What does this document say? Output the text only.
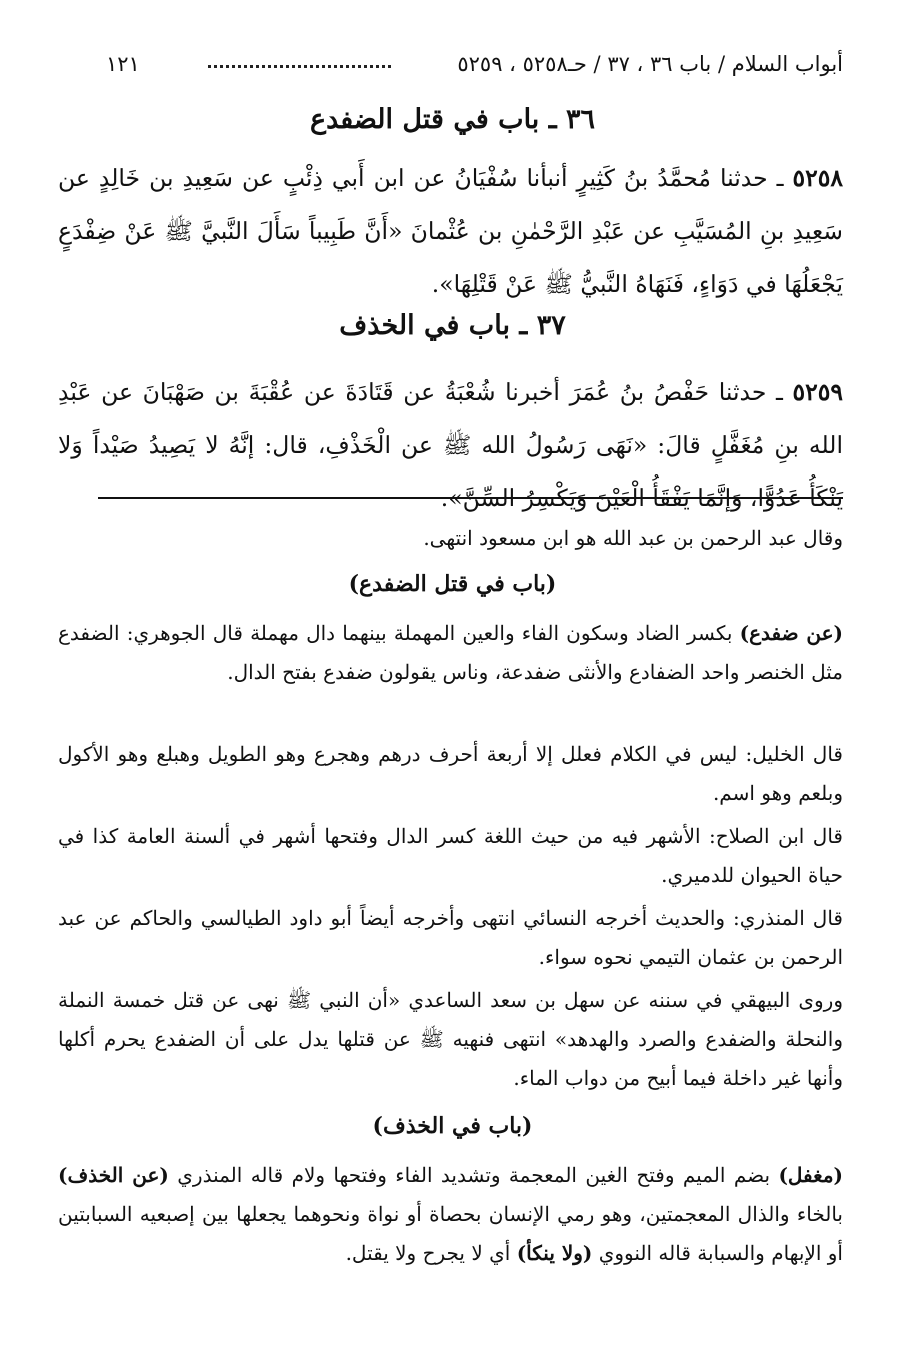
أبواب السلام / باب ٣٦ ، ٣٧ / حـ٥٢٥٨ ، ٥٢٥٩
١٢١
٣٦ ـ باب في قتل الضفدع
٥٢٥٨ ـ حدثنا مُحمَّدُ بنُ كَثِيرٍ أنبأنا سُفْيَانُ عن ابن أَبي ذِئْبٍ عن سَعِيدِ بن خَالِدٍ عن سَعِيدِ بنِ المُسَيَّبِ عن عَبْدِ الرَّحْمٰنِ بن عُثْمانَ «أَنَّ طَبِيباً سَأَلَ النَّبيَّ ﷺ عَنْ ضِفْدَعٍ يَجْعَلُهَا في دَوَاءٍ، فَنَهَاهُ النَّبيُّ ﷺ عَنْ قَتْلِهَا».
٣٧ ـ باب في الخذف
٥٢٥٩ ـ حدثنا حَفْصُ بنُ عُمَرَ أخبرنا شُعْبَةُ عن قَتَادَةَ عن عُقْبَةَ بن صَهْبَانَ عن عَبْدِ الله بنِ مُغَفَّلٍ قالَ: «نَهَى رَسُولُ الله ﷺ عن الْخَذْفِ، قال: إنَّهُ لا يَصِيدُ صَيْداً وَلا يَنْكَأُ عَدُوًّا، وَإنَّمَا يَفْقَأُ الْعَيْنَ وَيَكْسِرُ السِّنَّ».

وقال عبد الرحمن بن عبد الله هو ابن مسعود انتهى.

(باب في قتل الضفدع)

(عن ضفدع) بكسر الضاد وسكون الفاء والعين المهملة بينهما دال مهملة قال الجوهري: الضفدع مثل الخنصر واحد الضفادع والأنثى ضفدعة، وناس يقولون ضفدع بفتح الدال.

قال الخليل: ليس في الكلام فعلل إلا أربعة أحرف درهم وهجرع وهو الطويل وهبلع وهو الأكول وبلعم وهو اسم.

قال ابن الصلاح: الأشهر فيه من حيث اللغة كسر الدال وفتحها أشهر في ألسنة العامة كذا في حياة الحيوان للدميري.

قال المنذري: والحديث أخرجه النسائي انتهى وأخرجه أيضاً أبو داود الطيالسي والحاكم عن عبد الرحمن بن عثمان التيمي نحوه سواء.

وروى البيهقي في سننه عن سهل بن سعد الساعدي «أن النبي ﷺ نهى عن قتل خمسة النملة والنحلة والضفدع والصرد والهدهد» انتهى فنهيه ﷺ عن قتلها يدل على أن الضفدع يحرم أكلها وأنها غير داخلة فيما أبيح من دواب الماء.

(باب في الخذف)

(مغفل) بضم الميم وفتح الغين المعجمة وتشديد الفاء وفتحها ولام قاله المنذري (عن الخذف) بالخاء والذال المعجمتين، وهو رمي الإنسان بحصاة أو نواة ونحوهما يجعلها بين إصبعيه السبابتين أو الإبهام والسبابة قاله النووي (ولا ينكأ) أي لا يجرح ولا يقتل.
